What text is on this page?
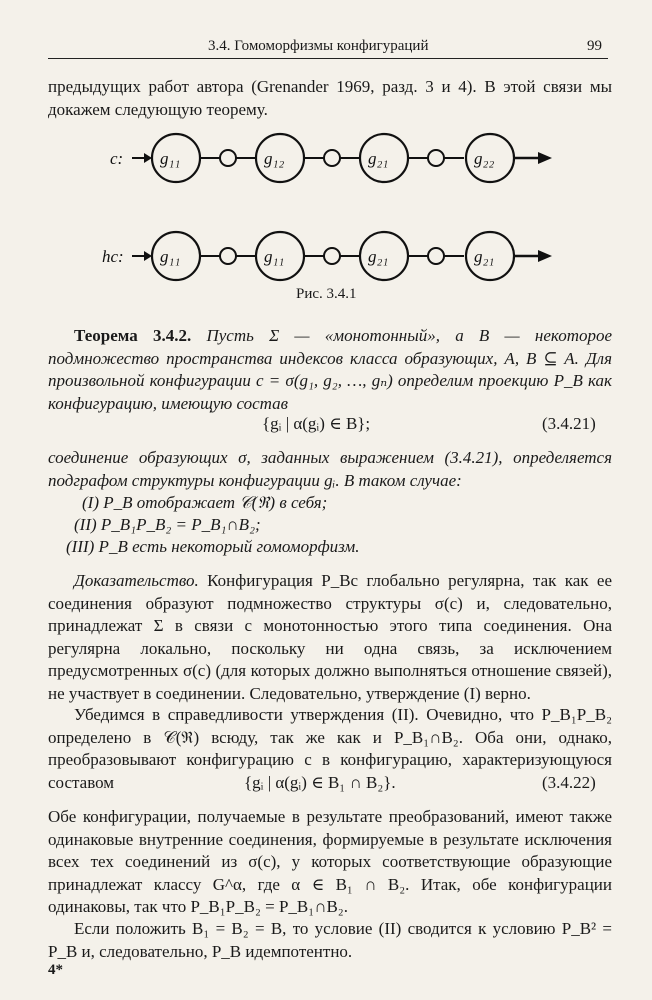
3.4. Гомоморфизмы конфигураций	99
предыдущих работ автора (Grenander 1969, разд. 3 и 4). В этой связи мы докажем следующую теорему.
c: g₁₁	g₁₂	g₂₁	g₂₂
hc: g₁₁	g₁₁	g₂₁	g₂₁
Рис. 3.4.1

Теорема 3.4.2. Пусть Σ — «монотонный», а B — некоторое подмножество пространства индексов класса образующих, A, B ⊆ A. Для произвольной конфигурации c = σ(g₁, g₂, …, gₙ) определим проекцию P_B как конфигурацию, имеющую состав

{gᵢ | α(gᵢ) ∈ B};	(3.4.21)
соединение образующих σ, заданных выражением (3.4.21), определяется подграфом структуры конфигурации gᵢ. В таком случае:
(I) P_B отображает 𝒞(ℜ) в себя;
(II) P_B₁P_B₂ = P_B₁∩B₂;
(III) P_B есть некоторый гомоморфизм.

Доказательство. Конфигурация P_Bc глобально регулярна, так как ее соединения образуют подмножество структуры σ(c) и, следовательно, принадлежат Σ в связи с монотонностью этого типа соединения. Она регулярна локально, поскольку ни одна связь, за исключением предусмотренных σ(c) (для которых должно выполняться отношение связей), не участвует в соединении. Следовательно, утверждение (I) верно.

Убедимся в справедливости утверждения (II). Очевидно, что P_B₁P_B₂ определено в 𝒞(ℜ) всюду, так же как и P_B₁∩B₂. Оба они, однако, преобразовывают конфигурацию c в конфигурацию, характеризующуюся составом	{gᵢ | α(gᵢ) ∈ B₁ ∩ B₂}.	(3.4.22)

Обе конфигурации, получаемые в результате преобразований, имеют также одинаковые внутренние соединения, формируемые в результате исключения всех тех соединений из σ(c), у которых соответствующие образующие принадлежат классу G^α, где α ∈ B₁ ∩ B₂. Итак, обе конфигурации одинаковы, так что P_B₁P_B₂ = P_B₁∩B₂.

Если положить B₁ = B₂ = B, то условие (II) сводится к условию P_B² = P_B и, следовательно, P_B идемпотентно.

4*
